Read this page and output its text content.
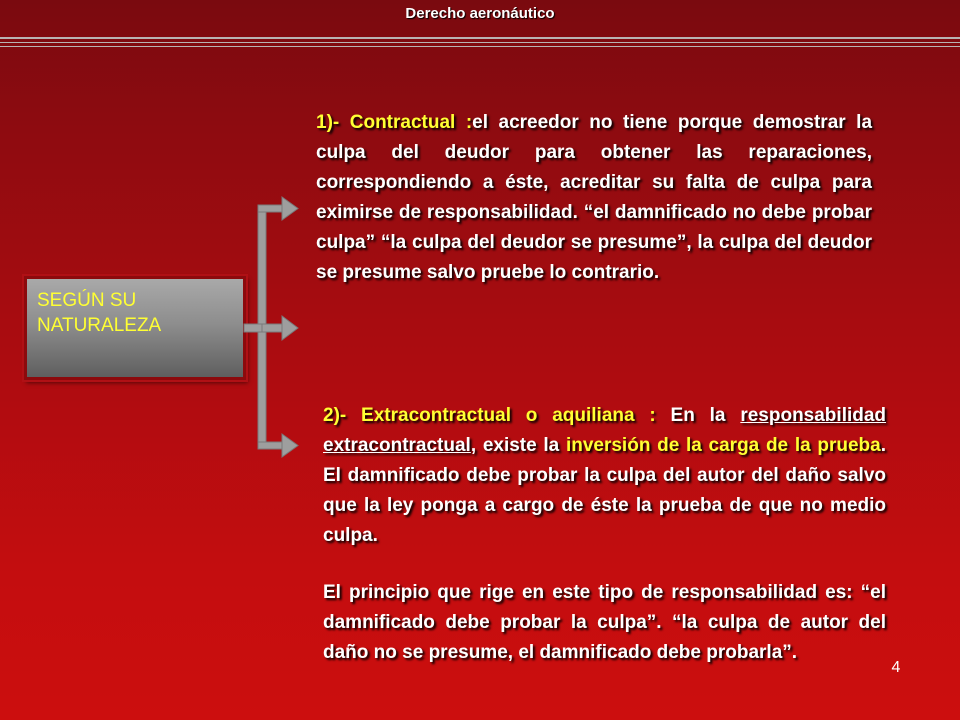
Derecho aeronáutico
SEGÚN SU
NATURALEZA

1)- Contractual :el acreedor no tiene porque demostrar la culpa del deudor para obtener las reparaciones, correspondiendo a éste, acreditar su falta de culpa para eximirse de responsabilidad. “el damnificado no debe probar culpa” “la culpa del deudor se presume”, la culpa del deudor se presume salvo pruebe lo contrario.

2)- Extracontractual o aquiliana : En la responsabilidad extracontractual, existe la inversión de la carga de la prueba. El damnificado debe probar la culpa del autor del daño salvo que la ley ponga a cargo de éste la prueba de que no medio culpa.

El principio que rige en este tipo de responsabilidad es: “el damnificado debe probar la culpa”. “la culpa de autor del daño no se presume, el damnificado debe probarla”.

4
